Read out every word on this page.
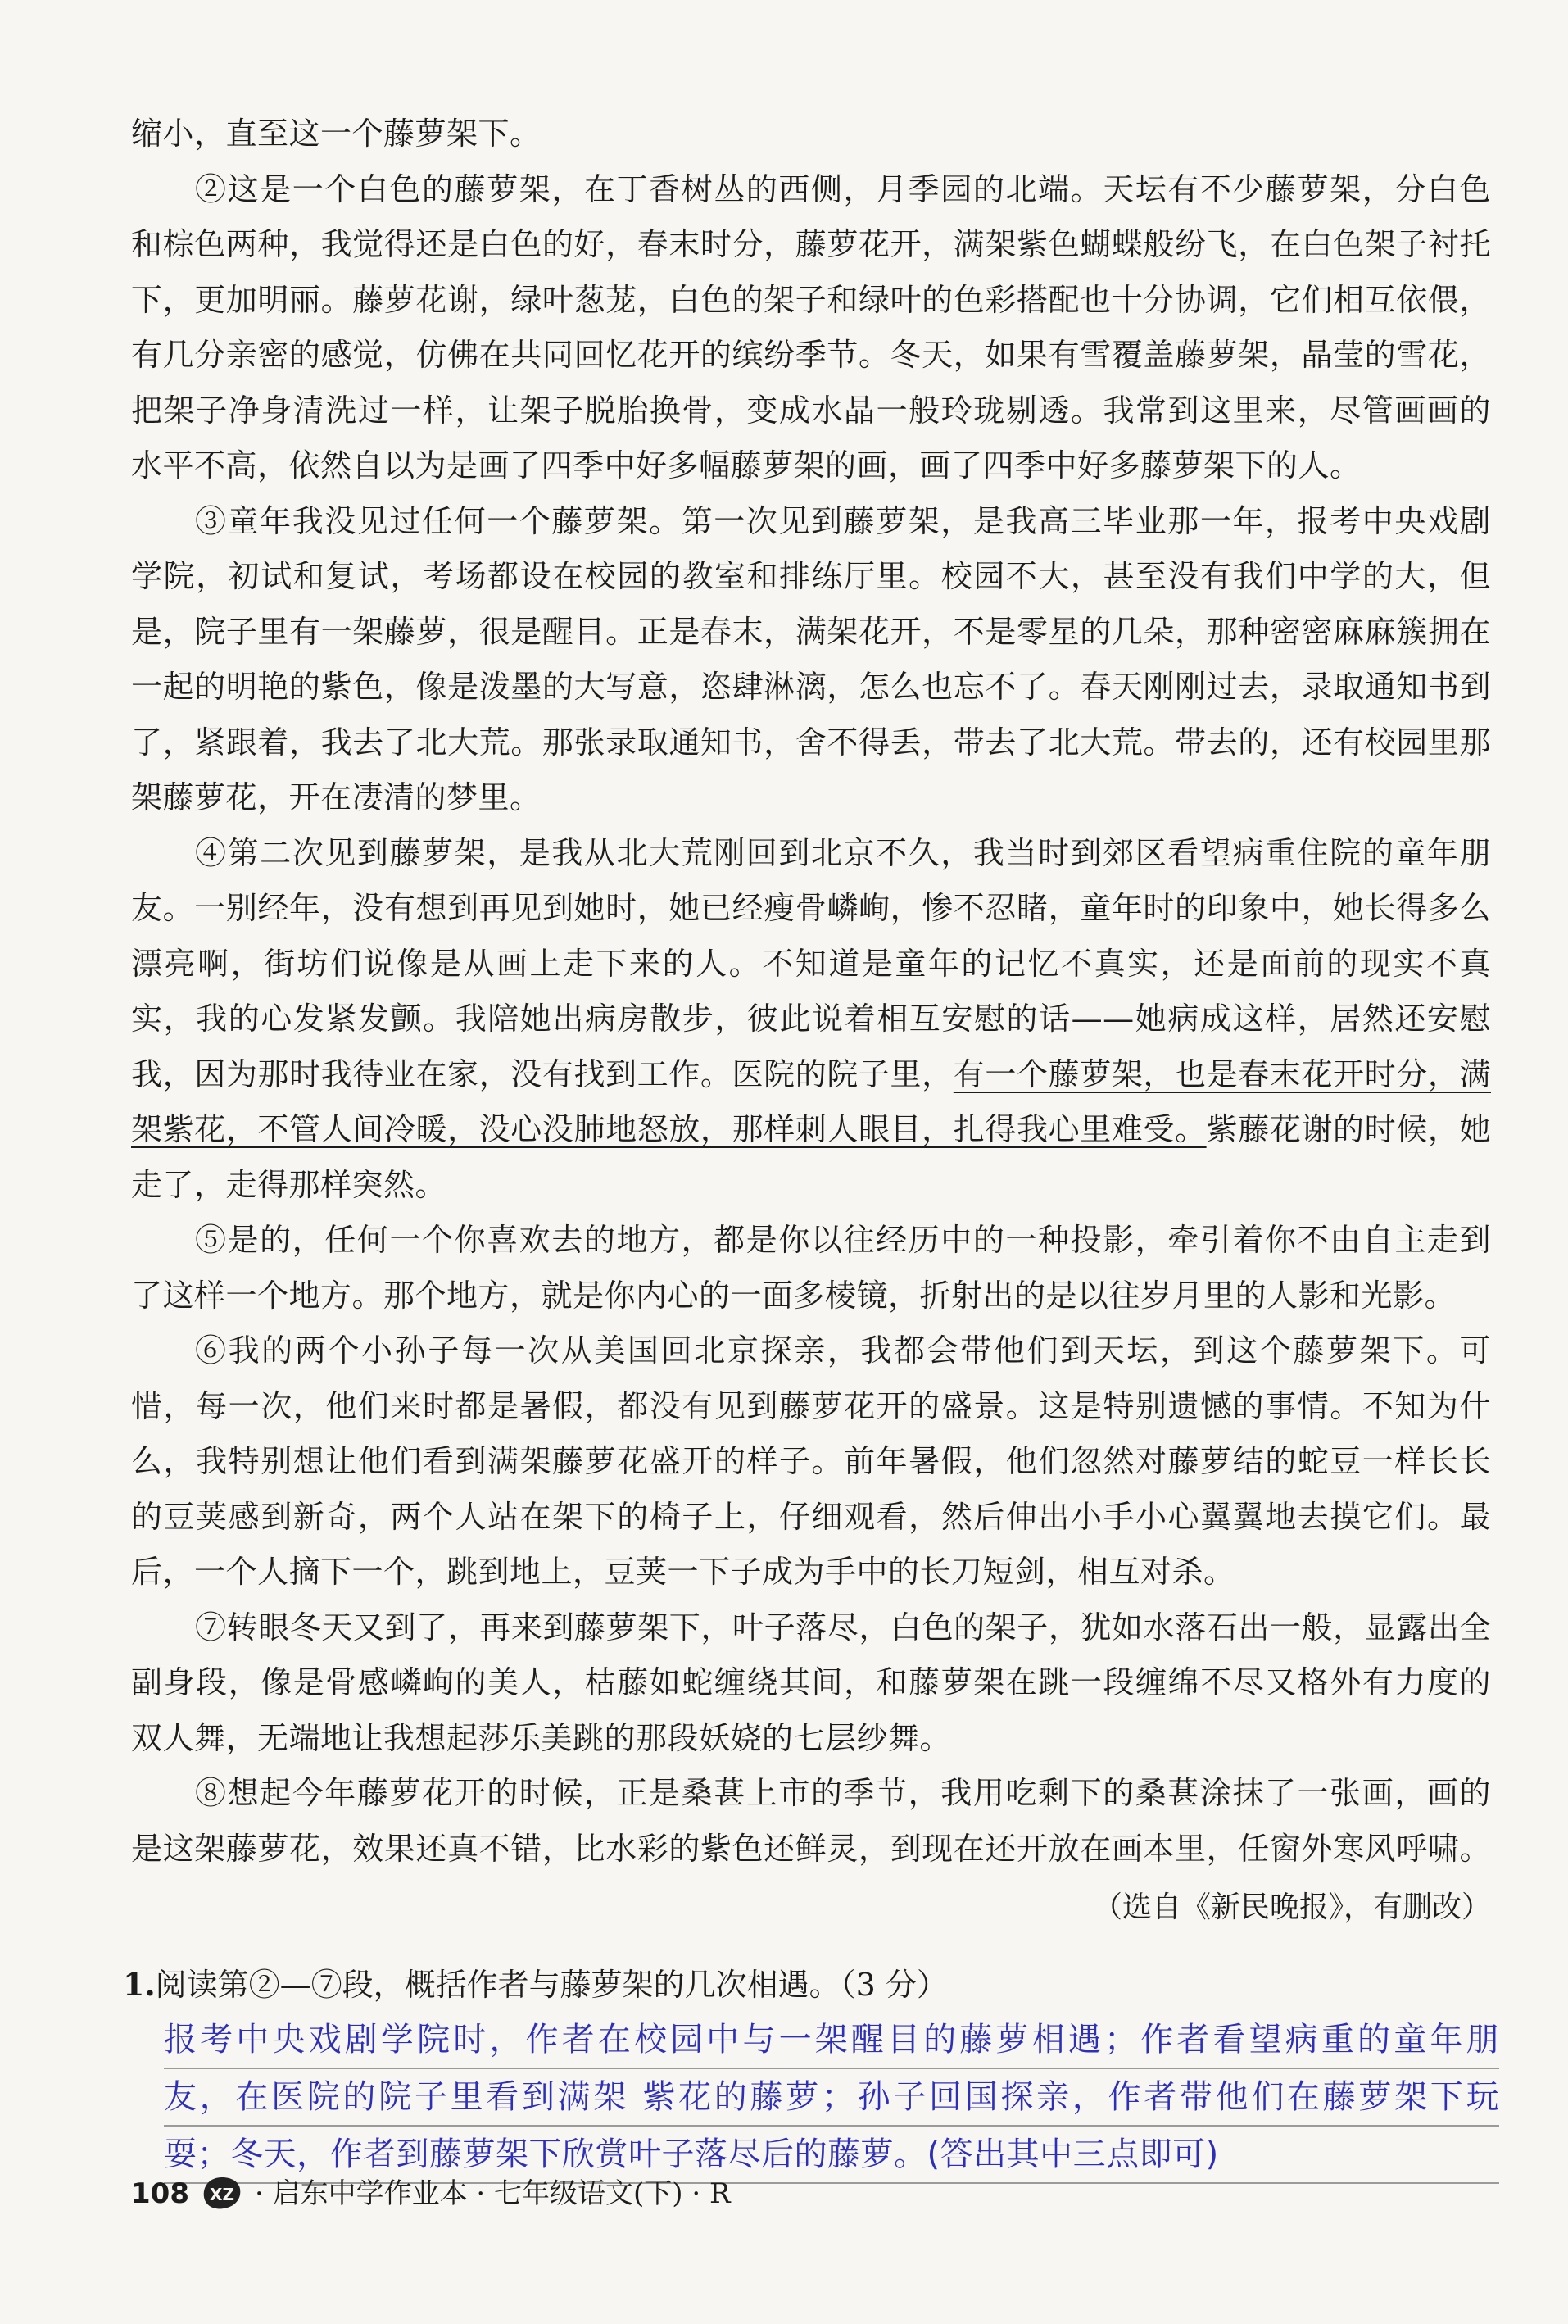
缩小，直至这一个藤萝架下。
②这是一个白色的藤萝架，在丁香树丛的西侧，月季园的北端。天坛有不少藤萝架，分白色
和棕色两种，我觉得还是白色的好，春末时分，藤萝花开，满架紫色蝴蝶般纷飞，在白色架子衬托
下，更加明丽。藤萝花谢，绿叶葱茏，白色的架子和绿叶的色彩搭配也十分协调，它们相互依偎，
有几分亲密的感觉，仿佛在共同回忆花开的缤纷季节。冬天，如果有雪覆盖藤萝架，晶莹的雪花，
把架子净身清洗过一样，让架子脱胎换骨，变成水晶一般玲珑剔透。我常到这里来，尽管画画的
水平不高，依然自以为是画了四季中好多幅藤萝架的画，画了四季中好多藤萝架下的人。
③童年我没见过任何一个藤萝架。第一次见到藤萝架，是我高三毕业那一年，报考中央戏剧
学院，初试和复试，考场都设在校园的教室和排练厅里。校园不大，甚至没有我们中学的大，但
是，院子里有一架藤萝，很是醒目。正是春末，满架花开，不是零星的几朵，那种密密麻麻簇拥在
一起的明艳的紫色，像是泼墨的大写意，恣肆淋漓，怎么也忘不了。春天刚刚过去，录取通知书到
了，紧跟着，我去了北大荒。那张录取通知书，舍不得丢，带去了北大荒。带去的，还有校园里那
架藤萝花，开在凄清的梦里。
④第二次见到藤萝架，是我从北大荒刚回到北京不久，我当时到郊区看望病重住院的童年朋
友。一别经年，没有想到再见到她时，她已经瘦骨嶙峋，惨不忍睹，童年时的印象中，她长得多么
漂亮啊，街坊们说像是从画上走下来的人。不知道是童年的记忆不真实，还是面前的现实不真
实，我的心发紧发颤。我陪她出病房散步，彼此说着相互安慰的话——她病成这样，居然还安慰
我，因为那时我待业在家，没有找到工作。医院的院子里，有一个藤萝架，也是春末花开时分，满
架紫花，不管人间冷暖，没心没肺地怒放，那样刺人眼目，扎得我心里难受。紫藤花谢的时候，她
走了，走得那样突然。
⑤是的，任何一个你喜欢去的地方，都是你以往经历中的一种投影，牵引着你不由自主走到
了这样一个地方。那个地方，就是你内心的一面多棱镜，折射出的是以往岁月里的人影和光影。
⑥我的两个小孙子每一次从美国回北京探亲，我都会带他们到天坛，到这个藤萝架下。可
惜，每一次，他们来时都是暑假，都没有见到藤萝花开的盛景。这是特别遗憾的事情。不知为什
么，我特别想让他们看到满架藤萝花盛开的样子。前年暑假，他们忽然对藤萝结的蛇豆一样长长
的豆荚感到新奇，两个人站在架下的椅子上，仔细观看，然后伸出小手小心翼翼地去摸它们。最
后，一个人摘下一个，跳到地上，豆荚一下子成为手中的长刀短剑，相互对杀。
⑦转眼冬天又到了，再来到藤萝架下，叶子落尽，白色的架子，犹如水落石出一般，显露出全
副身段，像是骨感嶙峋的美人，枯藤如蛇缠绕其间，和藤萝架在跳一段缠绵不尽又格外有力度的
双人舞，无端地让我想起莎乐美跳的那段妖娆的七层纱舞。
⑧想起今年藤萝花开的时候，正是桑葚上市的季节，我用吃剩下的桑葚涂抹了一张画，画的
是这架藤萝花，效果还真不错，比水彩的紫色还鲜灵，到现在还开放在画本里，任窗外寒风呼啸。
（选自《新民晚报》，有删改）
1.阅读第②—⑦段，概括作者与藤萝架的几次相遇。（3 分）
报考中央戏剧学院时，作者在校园中与一架醒目的藤萝相遇；作者看望病重的童年朋
友，在医院的院子里看到满架 紫花的藤萝；孙子回国探亲，作者带他们在藤萝架下玩
耍；冬天，作者到藤萝架下欣赏叶子落尽后的藤萝。(答出其中三点即可)
108 XZ · 启东中学作业本 · 七年级语文(下) · R
